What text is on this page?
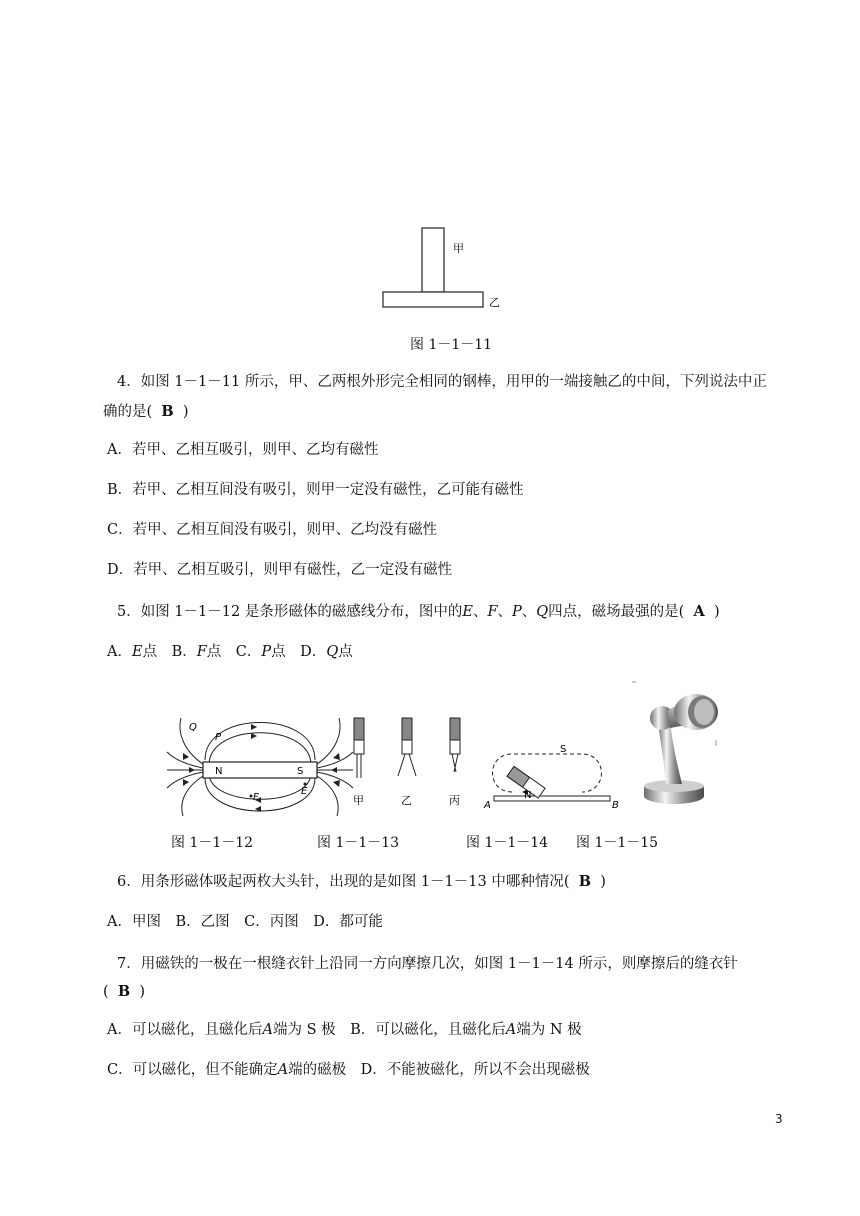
甲
乙
图 1－1－11
4．如图 1－1－11 所示，甲、乙两根外形完全相同的钢棒，用甲的一端接触乙的中间，下列说法中正
确的是( B )
A．若甲、乙相互吸引，则甲、乙均有磁性
B．若甲、乙相互间没有吸引，则甲一定没有磁性，乙可能有磁性
C．若甲、乙相互间没有吸引，则甲、乙均没有磁性
D．若甲、乙相互吸引，则甲有磁性，乙一定没有磁性
5．如图 1－1－12 是条形磁体的磁感线分布，图中的E、F、P、Q四点，磁场最强的是( A )
A．E点　B．F点　C．P点　D．Q点
N	S
Q
P
E
F
图 1－1－12
甲	乙	丙
图 1－1－13
S
N
A	B
图 1－1－14 图 1－1－15
6．用条形磁体吸起两枚大头针，出现的是如图 1－1－13 中哪种情况( B )
A．甲图　B．乙图　C．丙图　D．都可能
7．用磁铁的一极在一根缝衣针上沿同一方向摩擦几次，如图 1－1－14 所示，则摩擦后的缝衣针
( B )
A．可以磁化，且磁化后A端为 S 极　B．可以磁化，且磁化后A端为 N 极
C．可以磁化，但不能确定A端的磁极　D．不能被磁化，所以不会出现磁极
3
